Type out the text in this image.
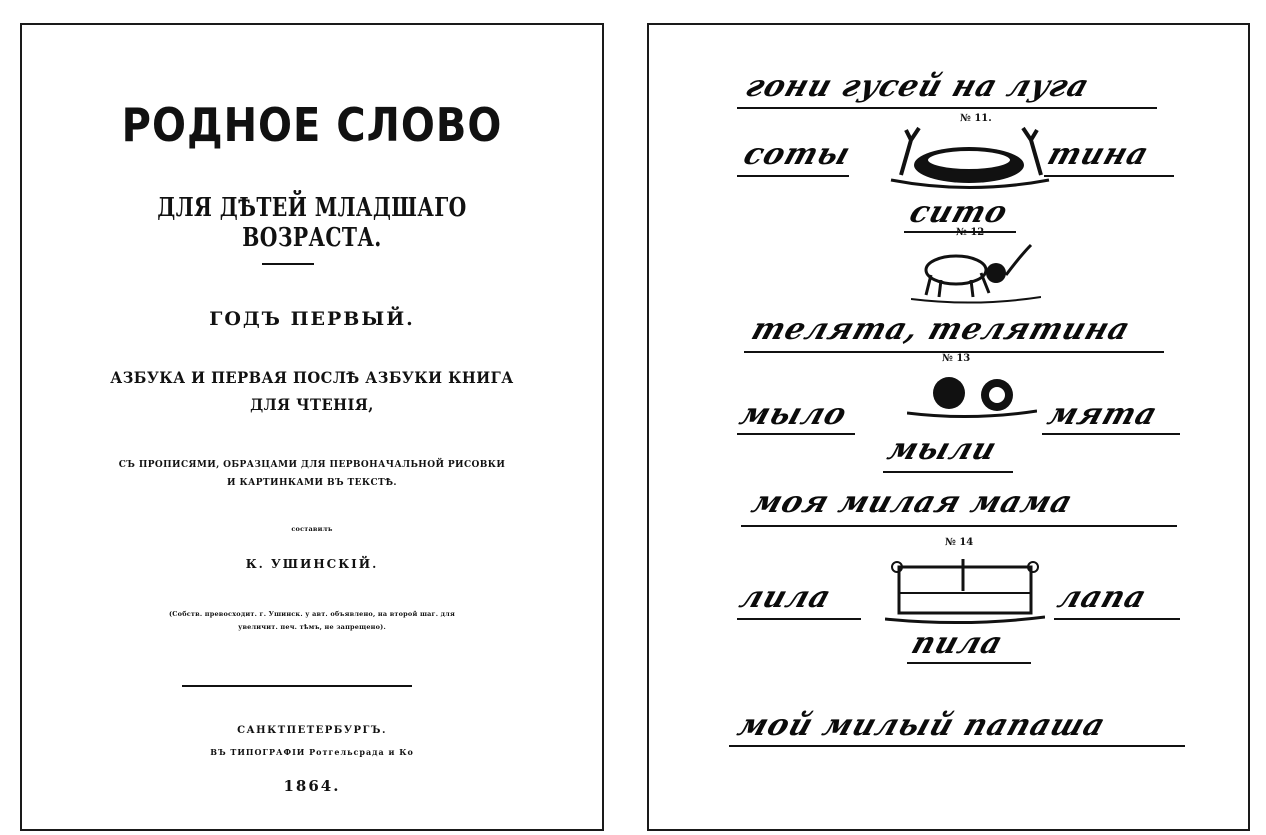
РОДНОЕ СЛОВО
ДЛЯ ДѢТЕЙ МЛАДШАГО ВОЗРАСТА.
ГОДЪ ПЕРВЫЙ.
АЗБУКА И ПЕРВАЯ ПОСЛѢ АЗБУКИ КНИГА
ДЛЯ ЧТЕНІЯ,
СЪ ПРОПИСЯМИ, ОБРАЗЦАМИ ДЛЯ ПЕРВОНАЧАЛЬНОЙ РИСОВКИ
И КАРТИНКАМИ ВЪ ТЕКСТѢ.
составилъ
К. УШИНСКІЙ.
(Собств. превосходит. г. Ушинск. у авт. объявлено, на второй шаг. для
увеличит. печ. тѣмъ, не запрещено).
САНКТПЕТЕРБУРГЪ.
ВЪ ТИПОГРАФІИ Ротгельсрада и Ко
1864.
гони гусей на луга
№ 11.
соты	тина
сито
№ 12
телята, телятина
№ 13
мыло	мята
мыли
моя милая мама
№ 14
лила	лапа
пила
мой милый папаша
